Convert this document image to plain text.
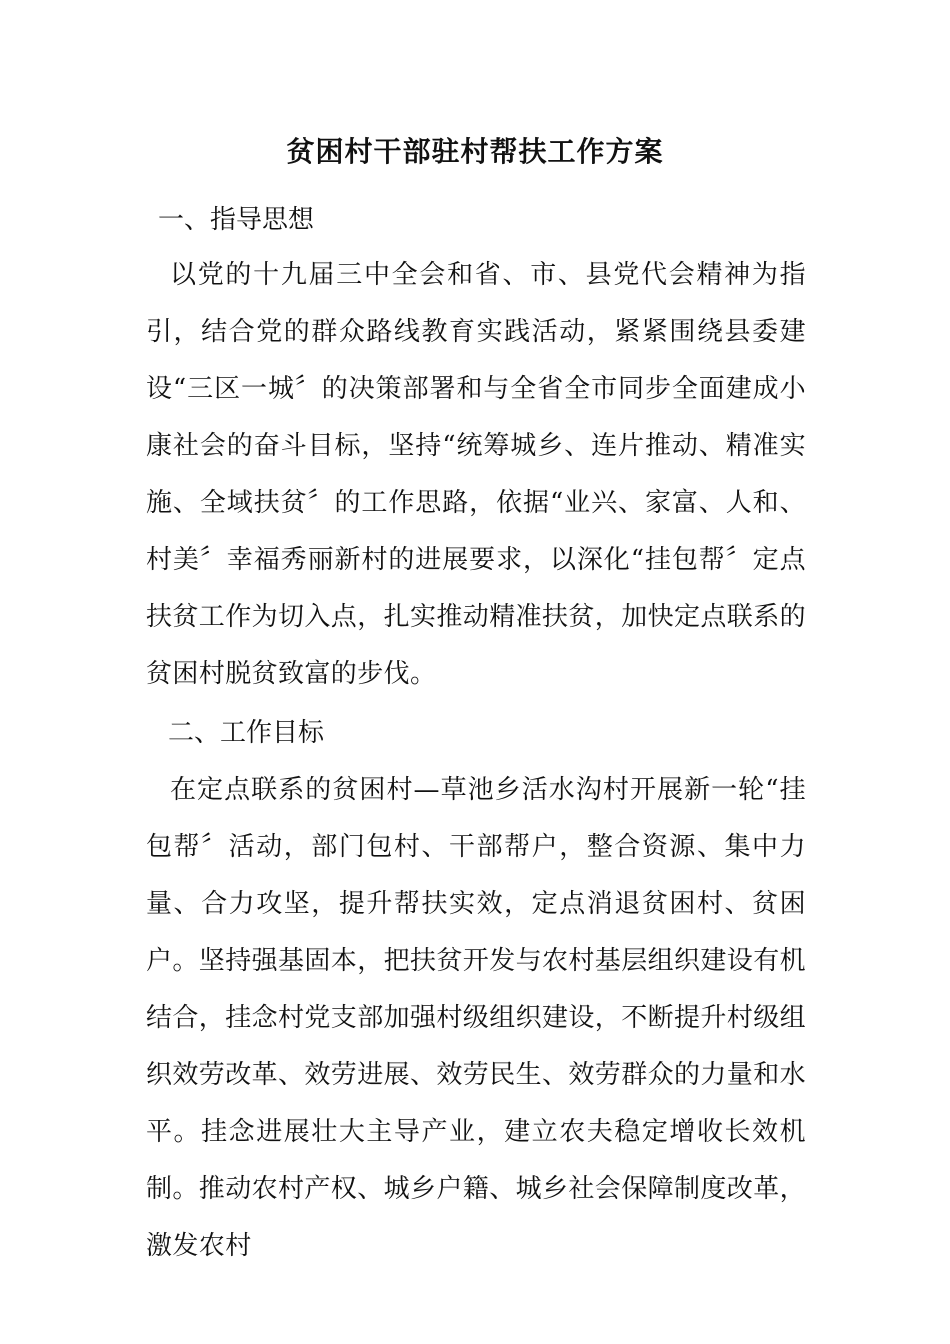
贫困村干部驻村帮扶工作方案
一、指导思想
以党的十九届三中全会和省、市、县党代会精神为指引，结合党的群众路线教育实践活动，紧紧围绕县委建设“三区一城〞的决策部署和与全省全市同步全面建成小康社会的奋斗目标，坚持“统筹城乡、连片推动、精准实施、全域扶贫〞的工作思路，依据“业兴、家富、人和、村美〞幸福秀丽新村的进展要求，以深化“挂包帮〞定点扶贫工作为切入点，扎实推动精准扶贫，加快定点联系的贫困村脱贫致富的步伐。
二、工作目标
在定点联系的贫困村—草池乡活水沟村开展新一轮“挂包帮〞活动，部门包村、干部帮户，整合资源、集中力量、合力攻坚，提升帮扶实效，定点消退贫困村、贫困户。坚持强基固本，把扶贫开发与农村基层组织建设有机结合，挂念村党支部加强村级组织建设，不断提升村级组织效劳改革、效劳进展、效劳民生、效劳群众的力量和水平。挂念进展壮大主导产业，建立农夫稳定增收长效机制。推动农村产权、城乡户籍、城乡社会保障制度改革，激发农村
